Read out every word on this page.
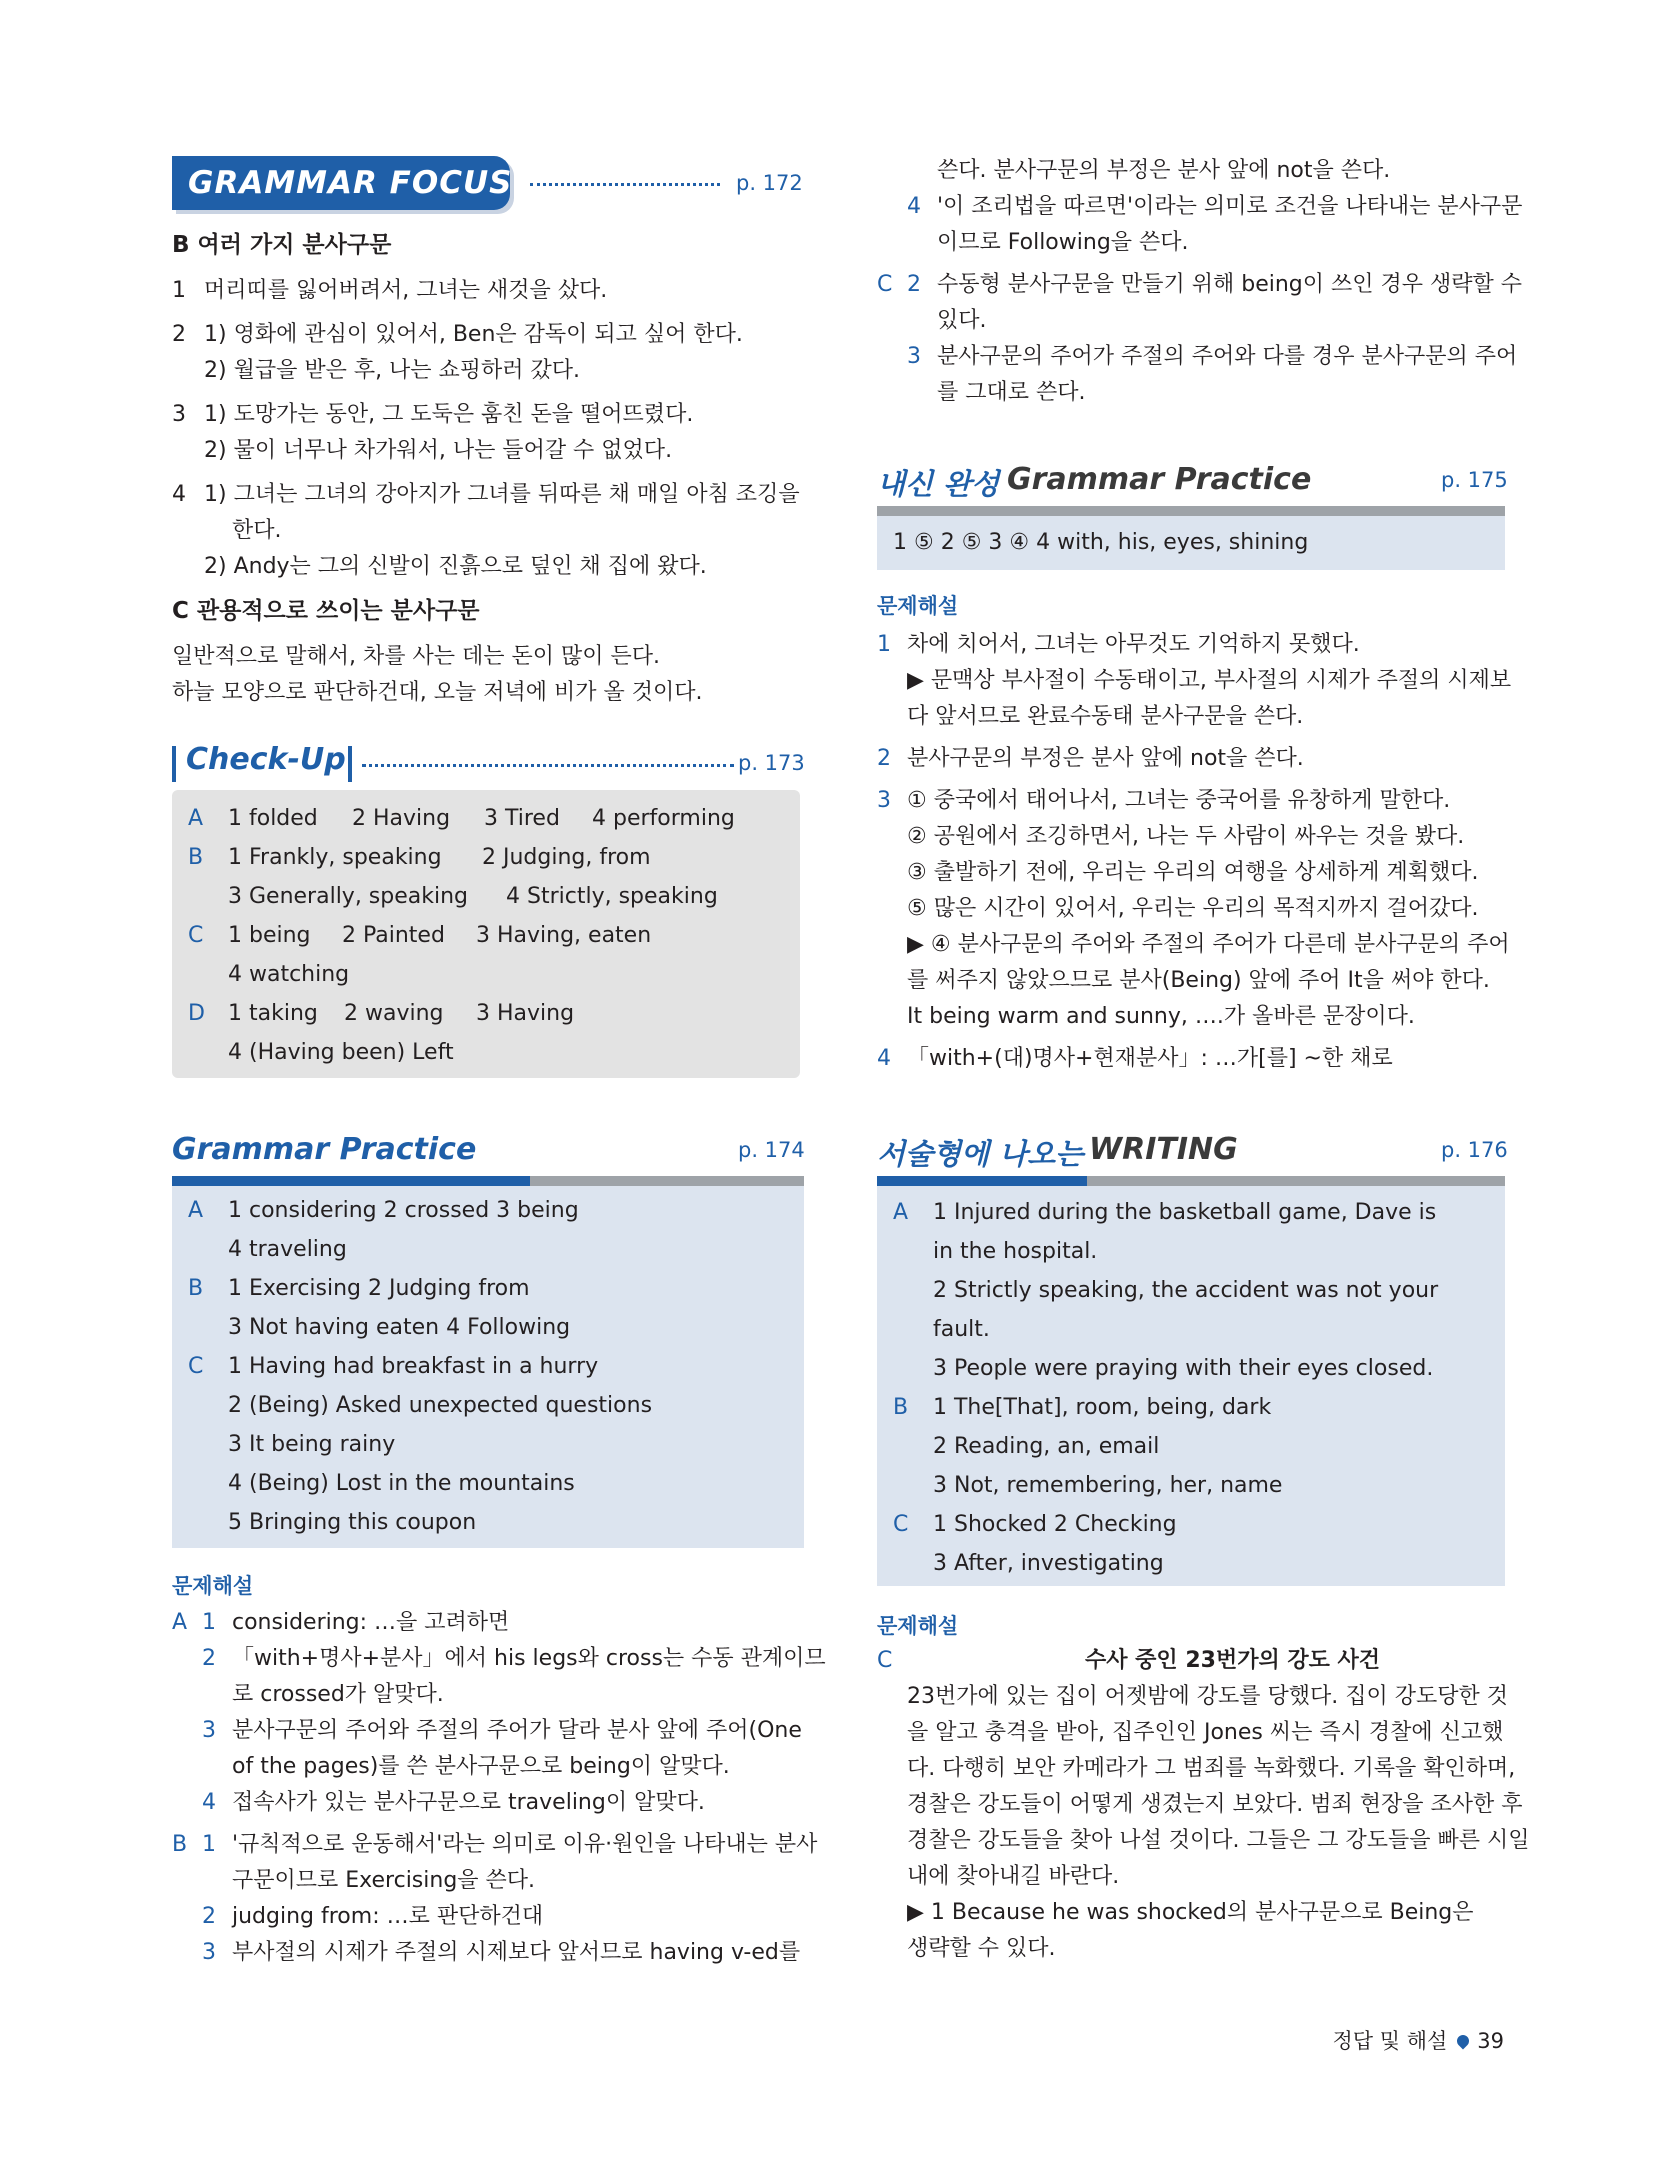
GRAMMAR FOCUS	p. 172
B 여러 가지 분사구문
1 머리띠를 잃어버려서, 그녀는 새것을 샀다.
2 1) 영화에 관심이 있어서, Ben은 감독이 되고 싶어 한다.
2) 월급을 받은 후, 나는 쇼핑하러 갔다.
3 1) 도망가는 동안, 그 도둑은 훔친 돈을 떨어뜨렸다.
2) 물이 너무나 차가워서, 나는 들어갈 수 없었다.
4 1) 그녀는 그녀의 강아지가 그녀를 뒤따른 채 매일 아침 조깅을
한다.
2) Andy는 그의 신발이 진흙으로 덮인 채 집에 왔다.
C 관용적으로 쓰이는 분사구문
일반적으로 말해서, 차를 사는 데는 돈이 많이 든다.
하늘 모양으로 판단하건대, 오늘 저녁에 비가 올 것이다.
Check-Up	p. 173
A 1 folded 2 Having 3 Tired 4 performing
B 1 Frankly, speaking 2 Judging, from
3 Generally, speaking 4 Strictly, speaking
C 1 being 2 Painted 3 Having, eaten
4 watching
D 1 taking 2 waving 3 Having
4 (Having been) Left
Grammar Practice	p. 174
A 1 considering 2 crossed 3 being
4 traveling
B 1 Exercising 2 Judging from
3 Not having eaten 4 Following
C 1 Having had breakfast in a hurry
2 (Being) Asked unexpected questions
3 It being rainy
4 (Being) Lost in the mountains
5 Bringing this coupon
문제해설
A 1 considering: …을 고려하면
2 「with+명사+분사」에서 his legs와 cross는 수동 관계이므
로 crossed가 알맞다.
3 분사구문의 주어와 주절의 주어가 달라 분사 앞에 주어(One
of the pages)를 쓴 분사구문으로 being이 알맞다.
4 접속사가 있는 분사구문으로 traveling이 알맞다.
B 1 '규칙적으로 운동해서'라는 의미로 이유·원인을 나타내는 분사
구문이므로 Exercising을 쓴다.
2 judging from: …로 판단하건대
3 부사절의 시제가 주절의 시제보다 앞서므로 having v-ed를
쓴다. 분사구문의 부정은 분사 앞에 not을 쓴다.
4 '이 조리법을 따르면'이라는 의미로 조건을 나타내는 분사구문
이므로 Following을 쓴다.
C 2 수동형 분사구문을 만들기 위해 being이 쓰인 경우 생략할 수
있다.
3 분사구문의 주어가 주절의 주어와 다를 경우 분사구문의 주어
를 그대로 쓴다.
내신 완성 Grammar Practice	p. 175
1 ⑤ 2 ⑤ 3 ④ 4 with, his, eyes, shining
문제해설
1 차에 치어서, 그녀는 아무것도 기억하지 못했다.
▶ 문맥상 부사절이 수동태이고, 부사절의 시제가 주절의 시제보
다 앞서므로 완료수동태 분사구문을 쓴다.
2 분사구문의 부정은 분사 앞에 not을 쓴다.
3 ① 중국에서 태어나서, 그녀는 중국어를 유창하게 말한다.
② 공원에서 조깅하면서, 나는 두 사람이 싸우는 것을 봤다.
③ 출발하기 전에, 우리는 우리의 여행을 상세하게 계획했다.
⑤ 많은 시간이 있어서, 우리는 우리의 목적지까지 걸어갔다.
▶ ④ 분사구문의 주어와 주절의 주어가 다른데 분사구문의 주어
를 써주지 않았으므로 분사(Being) 앞에 주어 It을 써야 한다.
It being warm and sunny, ….가 올바른 문장이다.
4 「with+(대)명사+현재분사」: …가[를] ~한 채로
서술형에 나오는 WRITING	p. 176
A 1 Injured during the basketball game, Dave is
in the hospital.
2 Strictly speaking, the accident was not your
fault.
3 People were praying with their eyes closed.
B 1 The[That], room, being, dark
2 Reading, an, email
3 Not, remembering, her, name
C 1 Shocked 2 Checking
3 After, investigating
문제해설
C	수사 중인 23번가의 강도 사건
23번가에 있는 집이 어젯밤에 강도를 당했다. 집이 강도당한 것
을 알고 충격을 받아, 집주인인 Jones 씨는 즉시 경찰에 신고했
다. 다행히 보안 카메라가 그 범죄를 녹화했다. 기록을 확인하며,
경찰은 강도들이 어떻게 생겼는지 보았다. 범죄 현장을 조사한 후
경찰은 강도들을 찾아 나설 것이다. 그들은 그 강도들을 빠른 시일
내에 찾아내길 바란다.
▶ 1 Because he was shocked의 분사구문으로 Being은
생략할 수 있다.
정답 및 해설 39
